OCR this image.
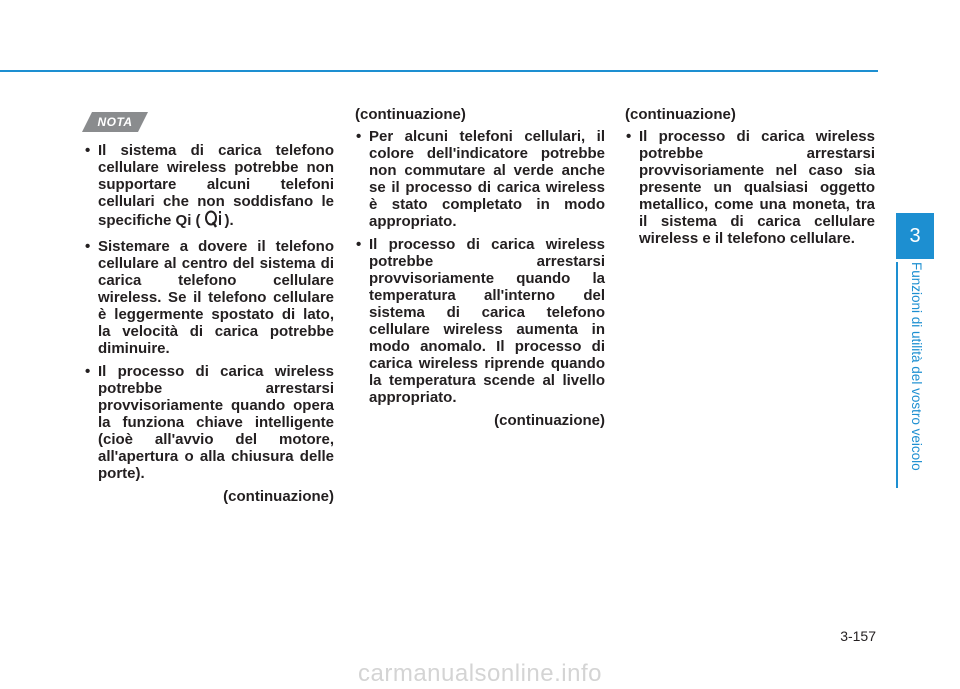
NOTA
• Il sistema di carica telefono cellulare wireless potrebbe non supportare alcuni telefoni cellulari che non soddisfano le specifiche Qi ( ).
• Sistemare a dovere il telefono cellulare al centro del sistema di carica telefono cellulare wireless. Se il telefono cellulare è leggermente spostato di lato, la velocità di carica potrebbe diminuire.
• Il processo di carica wireless potrebbe arrestarsi provvisoriamente quando opera la funziona chiave intelligente (cioè all'avvio del motore, all'apertura o alla chiusura delle porte).
(continuazione)
(continuazione)
• Per alcuni telefoni cellulari, il colore dell'indicatore potrebbe non commutare al verde anche se il processo di carica wireless è stato completato in modo appropriato.
• Il processo di carica wireless potrebbe arrestarsi provvisoriamente quando la temperatura all'interno del sistema di carica telefono cellulare wireless aumenta in modo anomalo. Il processo di carica wireless riprende quando la temperatura scende al livello appropriato.
(continuazione)
(continuazione)
• Il processo di carica wireless potrebbe arrestarsi provvisoriamente nel caso sia presente un qualsiasi oggetto metallico, come una moneta, tra il sistema di carica cellulare wireless e il telefono cellulare.	3
Funzioni di utilità del vostro veicolo
3-157
carmanualsonline.info
